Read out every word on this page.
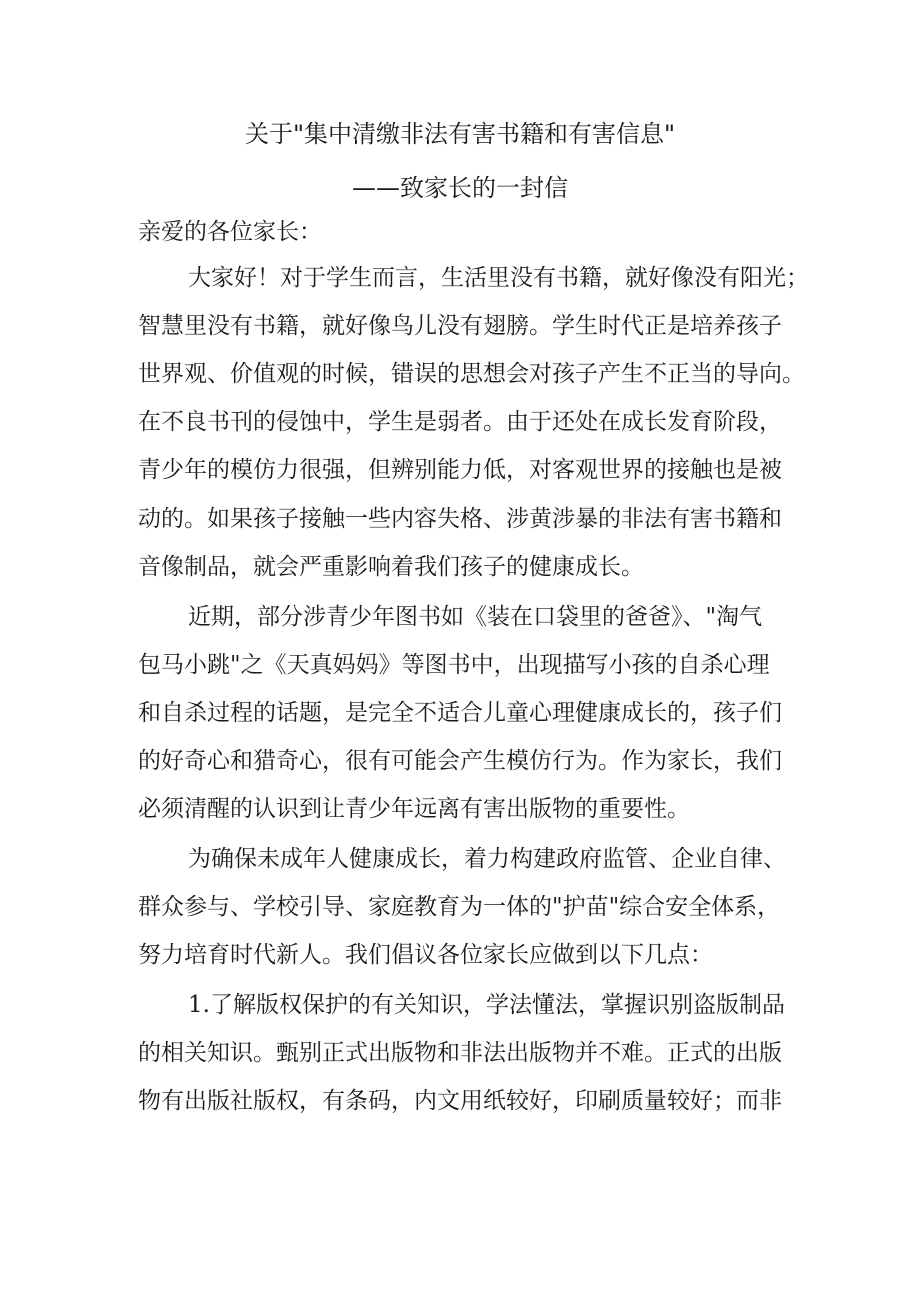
关于"集中清缴非法有害书籍和有害信息"
——致家长的一封信
亲爱的各位家长：
大家好！对于学生而言，生活里没有书籍，就好像没有阳光；
智慧里没有书籍，就好像鸟儿没有翅膀。学生时代正是培养孩子
世界观、价值观的时候，错误的思想会对孩子产生不正当的导向。
在不良书刊的侵蚀中，学生是弱者。由于还处在成长发育阶段，
青少年的模仿力很强，但辨别能力低，对客观世界的接触也是被
动的。如果孩子接触一些内容失格、涉黄涉暴的非法有害书籍和
音像制品，就会严重影响着我们孩子的健康成长。
近期，部分涉青少年图书如《装在口袋里的爸爸》、"淘气
包马小跳"之《天真妈妈》等图书中，出现描写小孩的自杀心理
和自杀过程的话题，是完全不适合儿童心理健康成长的，孩子们
的好奇心和猎奇心，很有可能会产生模仿行为。作为家长，我们
必须清醒的认识到让青少年远离有害出版物的重要性。
为确保未成年人健康成长，着力构建政府监管、企业自律、
群众参与、学校引导、家庭教育为一体的"护苗"综合安全体系，
努力培育时代新人。我们倡议各位家长应做到以下几点：
1.了解版权保护的有关知识，学法懂法，掌握识别盗版制品
的相关知识。甄别正式出版物和非法出版物并不难。正式的出版
物有出版社版权，有条码，内文用纸较好，印刷质量较好；而非
